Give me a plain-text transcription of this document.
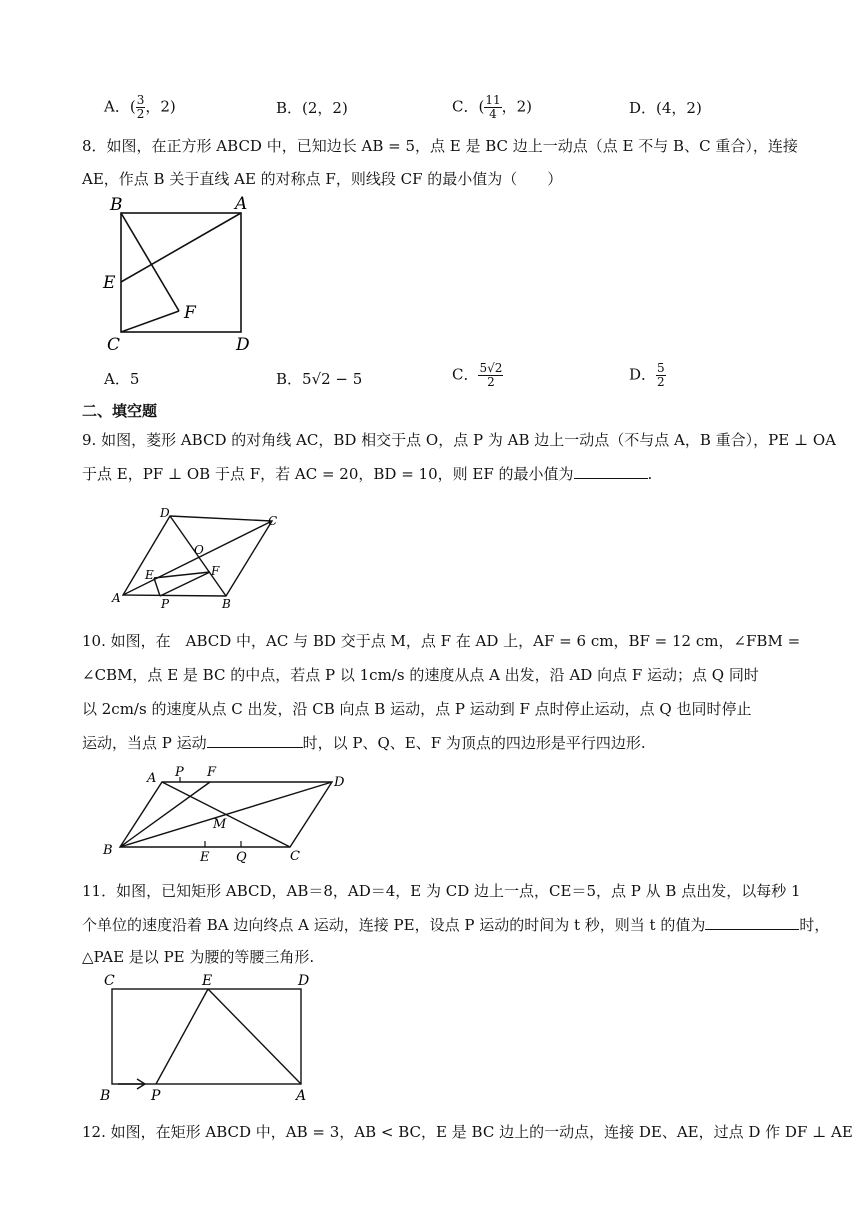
A．( $\frac{3}{2}$ ，2)	B．(2，2)	C．( $\frac{11}{4}$ ，2)	D．(4，2)
8．如图，在正方形 ABCD 中，已知边长 AB = 5，点 E 是 BC 边上一动点（点 E 不与 B、C 重合），连接
AE，作点 B 关于直线 AE 的对称点 F，则线段 CF 的最小值为（　　）
B	A
E
F
C	D
A．5	B．5√2 − 5	C． $\frac{5√2}{2}$	D． $\frac{5}{2}$
二、填空题
9. 如图，菱形 ABCD 的对角线 AC，BD 相交于点 O，点 P 为 AB 边上一动点（不与点 A，B 重合），PE ⊥ OA
于点 E，PF ⊥ OB 于点 F，若 AC = 20，BD = 10，则 EF 的最小值为	.
D
C
O
E	F
A	P	B
10. 如图，在　ABCD 中，AC 与 BD 交于点 M，点 F 在 AD 上，AF = 6 cm，BF = 12 cm，∠FBM =
∠CBM，点 E 是 BC 的中点，若点 P 以 1cm/s 的速度从点 A 出发，沿 AD 向点 F 运动；点 Q 同时
以 2cm/s 的速度从点 C 出发，沿 CB 向点 B 运动，点 P 运动到 F 点时停止运动，点 Q 也同时停止
运动，当点 P 运动	时，以 P、Q、E、F 为顶点的四边形是平行四边形.
A P F
D
M
B	E Q	C
11．如图，已知矩形 ABCD，AB＝8，AD＝4，E 为 CD 边上一点，CE＝5，点 P 从 B 点出发，以每秒 1
个单位的速度沿着 BA 边向终点 A 运动，连接 PE，设点 P 运动的时间为 t 秒，则当 t 的值为	时，
△PAE 是以 PE 为腰的等腰三角形.
C	E	D
B	P	A
12. 如图，在矩形 ABCD 中，AB = 3，AB < BC，E 是 BC 边上的一动点，连接 DE、AE，过点 D 作 DF ⊥ AE
